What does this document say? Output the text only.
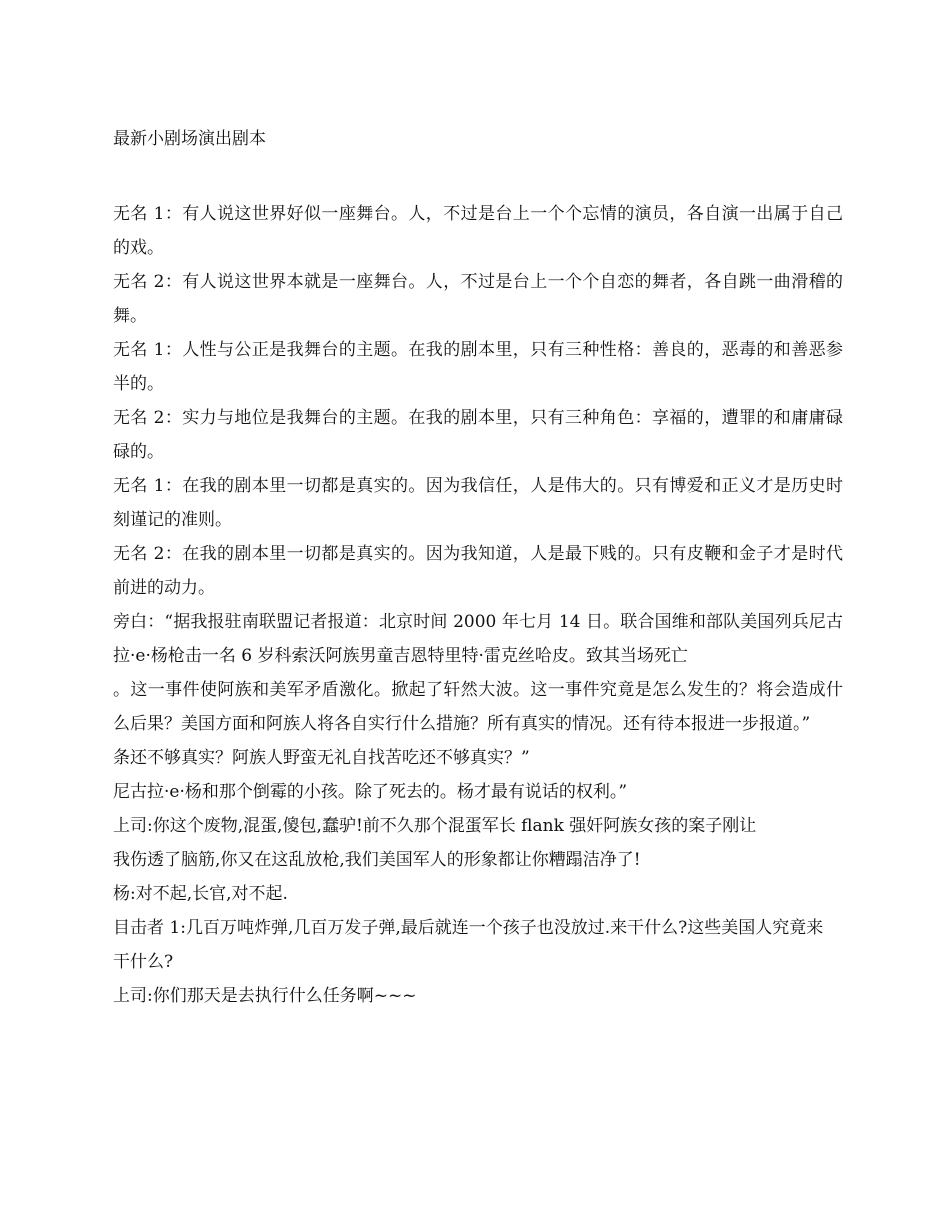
最新小剧场演出剧本

无名 1：有人说这世界好似一座舞台。人，不过是台上一个个忘情的演员，各自演一出属于自己的戏。

无名 2：有人说这世界本就是一座舞台。人，不过是台上一个个自恋的舞者，各自跳一曲滑稽的舞。

无名 1：人性与公正是我舞台的主题。在我的剧本里，只有三种性格：善良的，恶毒的和善恶参半的。

无名 2：实力与地位是我舞台的主题。在我的剧本里，只有三种角色：享福的，遭罪的和庸庸碌碌的。

无名 1：在我的剧本里一切都是真实的。因为我信任，人是伟大的。只有博爱和正义才是历史时刻谨记的准则。

无名 2：在我的剧本里一切都是真实的。因为我知道，人是最下贱的。只有皮鞭和金子才是时代前进的动力。

旁白：“据我报驻南联盟记者报道：北京时间 2000 年七月 14 日。联合国维和部队美国列兵尼古拉·e·杨枪击一名 6 岁科索沃阿族男童吉恩特里特·雷克丝哈皮。致其当场死亡

。这一事件使阿族和美军矛盾激化。掀起了轩然大波。这一事件究竟是怎么发生的？将会造成什么后果？美国方面和阿族人将各自实行什么措施？所有真实的情况。还有待本报进一步报道。”

条还不够真实？阿族人野蛮无礼自找苦吃还不够真实？”

尼古拉·e·杨和那个倒霉的小孩。除了死去的。杨才最有说话的权利。”

上司:你这个废物,混蛋,傻包,蠢驴!前不久那个混蛋军长 flank 强奸阿族女孩的案子刚让

我伤透了脑筋,你又在这乱放枪,我们美国军人的形象都让你糟蹋洁净了!

杨:对不起,长官,对不起.

目击者 1:几百万吨炸弹,几百万发子弹,最后就连一个孩子也没放过.来干什么?这些美国人究竟来

干什么?

上司:你们那天是去执行什么任务啊~~~
